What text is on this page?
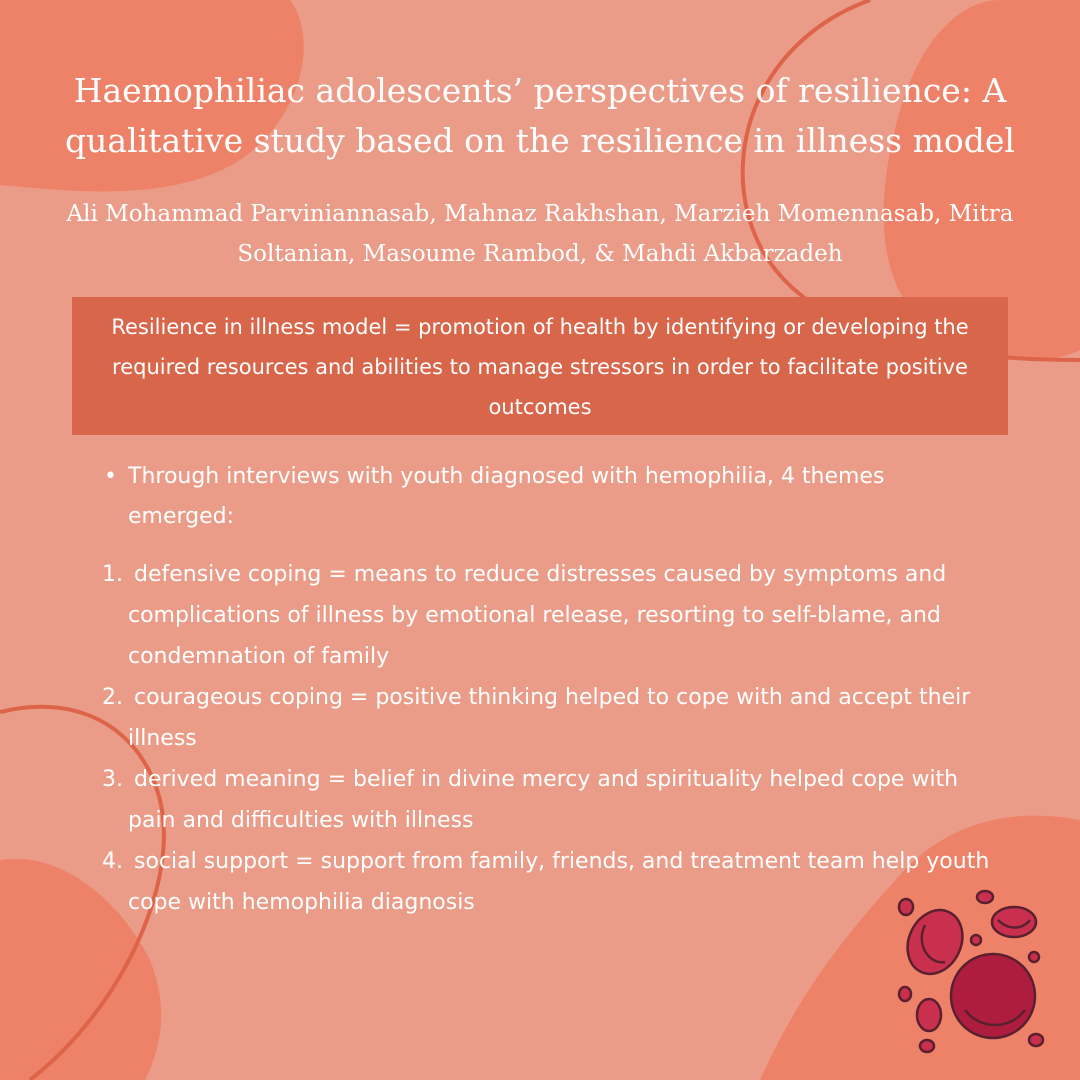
Haemophiliac adolescents’ perspectives of resilience: A qualitative study based on the resilience in illness model

Ali Mohammad Parviniannasab, Mahnaz Rakhshan, Marzieh Momennasab, Mitra Soltanian, Masoume Rambod, & Mahdi Akbarzadeh

Resilience in illness model = promotion of health by identifying or developing the required resources and abilities to manage stressors in order to facilitate positive outcomes
• Through interviews with youth diagnosed with hemophilia, 4 themes emerged:
1. defensive coping = means to reduce distresses caused by symptoms and complications of illness by emotional release, resorting to self-blame, and condemnation of family
2. courageous coping = positive thinking helped to cope with and accept their illness
3. derived meaning = belief in divine mercy and spirituality helped cope with pain and difficulties with illness
4. social support = support from family, friends, and treatment team help youth cope with hemophilia diagnosis
